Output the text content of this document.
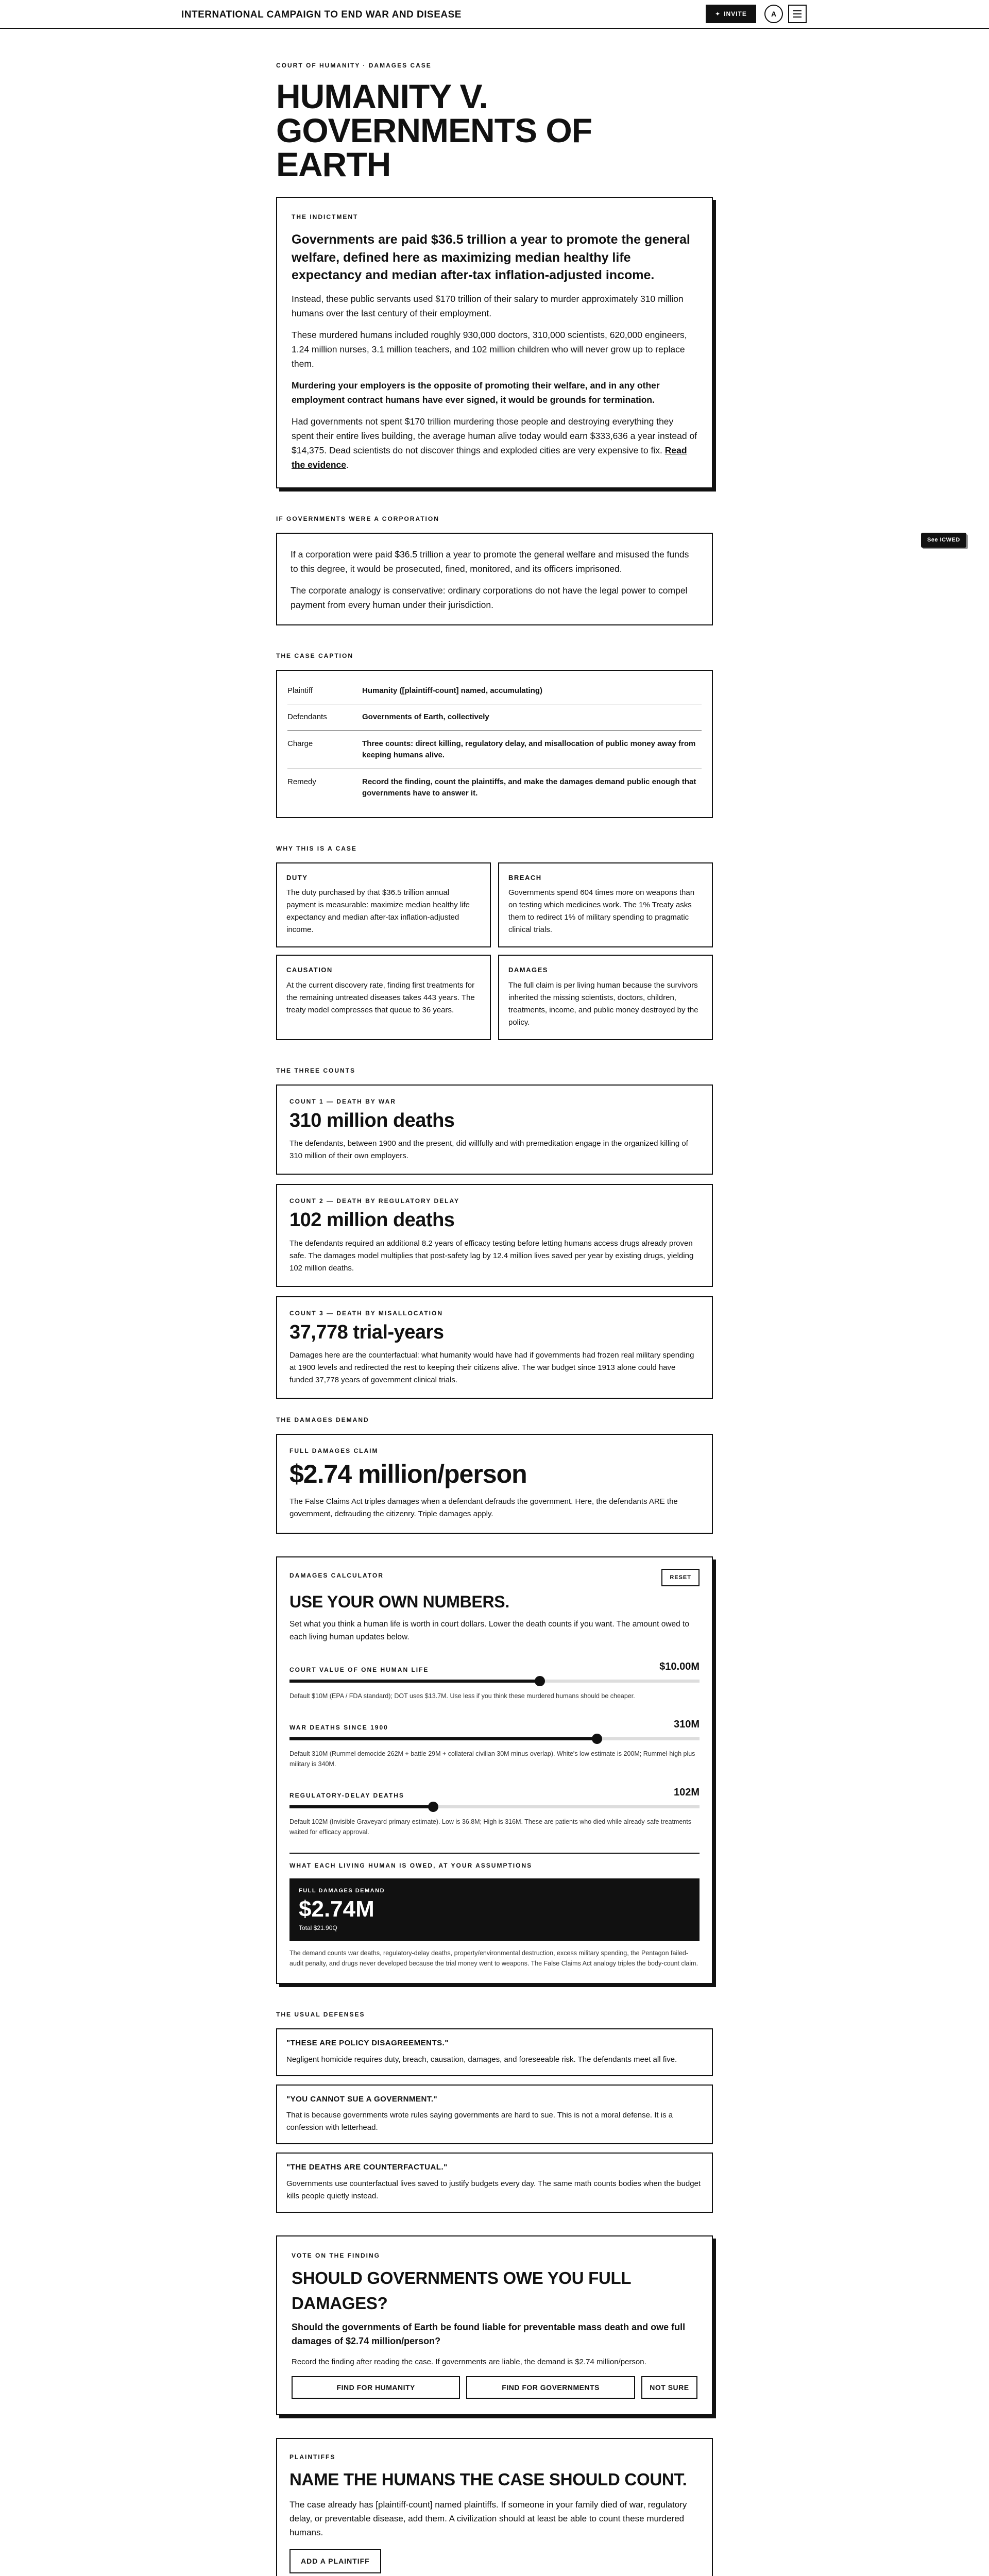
INTERNATIONAL CAMPAIGN TO END WAR AND DISEASE	✦ INVITE	A
See ICWED
COURT OF HUMANITY · DAMAGES CASE
HUMANITY V.
GOVERNMENTS OF EARTH
THE INDICTMENT
Governments are paid $36.5 trillion a year to promote the general welfare, defined here as maximizing median healthy life expectancy and median after-tax inflation-adjusted income.

Instead, these public servants used $170 trillion of their salary to murder approximately 310 million humans over the last century of their employment.

These murdered humans included roughly 930,000 doctors, 310,000 scientists, 620,000 engineers, 1.24 million nurses, 3.1 million teachers, and 102 million children who will never grow up to replace them.

Murdering your employers is the opposite of promoting their welfare, and in any other employment contract humans have ever signed, it would be grounds for termination.

Had governments not spent $170 trillion murdering those people and destroying everything they spent their entire lives building, the average human alive today would earn $333,636 a year instead of $14,375. Dead scientists do not discover things and exploded cities are very expensive to fix. Read the evidence.

IF GOVERNMENTS WERE A CORPORATION

If a corporation were paid $36.5 trillion a year to promote the general welfare and misused the funds to this degree, it would be prosecuted, fined, monitored, and its officers imprisoned.

The corporate analogy is conservative: ordinary corporations do not have the legal power to compel payment from every human under their jurisdiction.

THE CASE CAPTION
Plaintiff	Humanity ([plaintiff-count] named, accumulating)
Defendants	Governments of Earth, collectively
Charge	Three counts: direct killing, regulatory delay, and misallocation of public money away from keeping humans alive.
Remedy	Record the finding, count the plaintiffs, and make the damages demand public enough that governments have to answer it.
WHY THIS IS A CASE
DUTY

The duty purchased by that $36.5 trillion annual payment is measurable: maximize median healthy life expectancy and median after-tax inflation-adjusted income.

BREACH

Governments spend 604 times more on weapons than on testing which medicines work. The 1% Treaty asks them to redirect 1% of military spending to pragmatic clinical trials.

CAUSATION

At the current discovery rate, finding first treatments for the remaining untreated diseases takes 443 years. The treaty model compresses that queue to 36 years.

DAMAGES

The full claim is per living human because the survivors inherited the missing scientists, doctors, children, treatments, income, and public money destroyed by the policy.

THE THREE COUNTS
COUNT 1 — DEATH BY WAR
310 million deaths

The defendants, between 1900 and the present, did willfully and with premeditation engage in the organized killing of 310 million of their own employers.

COUNT 2 — DEATH BY REGULATORY DELAY
102 million deaths

The defendants required an additional 8.2 years of efficacy testing before letting humans access drugs already proven safe. The damages model multiplies that post-safety lag by 12.4 million lives saved per year by existing drugs, yielding 102 million deaths.

COUNT 3 — DEATH BY MISALLOCATION
37,778 trial-years

Damages here are the counterfactual: what humanity would have had if governments had frozen real military spending at 1900 levels and redirected the rest to keeping their citizens alive. The war budget since 1913 alone could have funded 37,778 years of government clinical trials.

THE DAMAGES DEMAND
FULL DAMAGES CLAIM
$2.74 million/person

The False Claims Act triples damages when a defendant defrauds the government. Here, the defendants ARE the government, defrauding the citizenry. Triple damages apply.

DAMAGES CALCULATOR	RESET
USE YOUR OWN NUMBERS.
Set what you think a human life is worth in court dollars. Lower the death counts if you want. The amount owed to each living human updates below.
COURT VALUE OF ONE HUMAN LIFE	$10.00M
Default $10M (EPA / FDA standard); DOT uses $13.7M. Use less if you think these murdered humans should be cheaper.
WAR DEATHS SINCE 1900	310M
Default 310M (Rummel democide 262M + battle 29M + collateral civilian 30M minus overlap). White's low estimate is 200M; Rummel-high plus military is 340M.
REGULATORY-DELAY DEATHS	102M
Default 102M (Invisible Graveyard primary estimate). Low is 36.8M; High is 316M. These are patients who died while already-safe treatments waited for efficacy approval.
WHAT EACH LIVING HUMAN IS OWED, AT YOUR ASSUMPTIONS
FULL DAMAGES DEMAND
$2.74M
Total $21.90Q
The demand counts war deaths, regulatory-delay deaths, property/environmental destruction, excess military spending, the Pentagon failed-audit penalty, and drugs never developed because the trial money went to weapons. The False Claims Act analogy triples the body-count claim.
THE USUAL DEFENSES
"THESE ARE POLICY DISAGREEMENTS."

Negligent homicide requires duty, breach, causation, damages, and foreseeable risk. The defendants meet all five.

"YOU CANNOT SUE A GOVERNMENT."

That is because governments wrote rules saying governments are hard to sue. This is not a moral defense. It is a confession with letterhead.

"THE DEATHS ARE COUNTERFACTUAL."

Governments use counterfactual lives saved to justify budgets every day. The same math counts bodies when the budget kills people quietly instead.

VOTE ON THE FINDING
SHOULD GOVERNMENTS OWE YOU FULL DAMAGES?
Should the governments of Earth be found liable for preventable mass death and owe full damages of $2.74 million/person?
Record the finding after reading the case. If governments are liable, the demand is $2.74 million/person.
FIND FOR HUMANITY	FIND FOR GOVERNMENTS	NOT SURE
PLAINTIFFS
NAME THE HUMANS THE CASE SHOULD COUNT.

The case already has [plaintiff-count] named plaintiffs. If someone in your family died of war, regulatory delay, or preventable disease, add them. A civilization should at least be able to count these murdered humans.

ADD A PLAINTIFF
